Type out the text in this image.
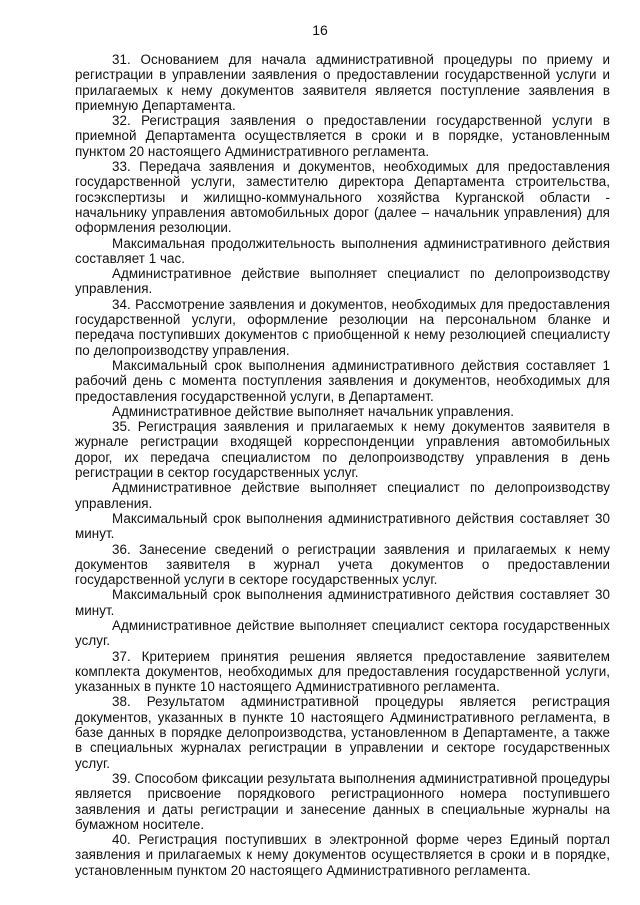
16

31. Основанием для начала административной процедуры по приему и регистрации в управлении заявления о предоставлении государственной услуги и прилагаемых к нему документов заявителя является поступление заявления в приемную Департамента.

32. Регистрация заявления о предоставлении государственной услуги в приемной Департамента осуществляется в сроки и в порядке, установленным пунктом 20 настоящего Административного регламента.

33. Передача заявления и документов, необходимых для предоставления государственной услуги, заместителю директора Департамента строительства, госэкспертизы и жилищно-коммунального хозяйства Курганской области - начальнику управления автомобильных дорог (далее – начальник управления) для оформления резолюции.

Максимальная продолжительность выполнения административного действия составляет 1 час.

Административное действие выполняет специалист по делопроизводству управления.

34. Рассмотрение заявления и документов, необходимых для предоставления государственной услуги, оформление резолюции на персональном бланке и передача поступивших документов с приобщенной к нему резолюцией специалисту по делопроизводству управления.

Максимальный срок выполнения административного действия составляет 1 рабочий день с момента поступления заявления и документов, необходимых для предоставления государственной услуги, в Департамент.

Административное действие выполняет начальник управления.

35. Регистрация заявления и прилагаемых к нему документов заявителя в журнале регистрации входящей корреспонденции управления автомобильных дорог, их передача специалистом по делопроизводству управления в день регистрации в сектор государственных услуг.

Административное действие выполняет специалист по делопроизводству управления.

Максимальный срок выполнения административного действия составляет 30 минут.

36. Занесение сведений о регистрации заявления и прилагаемых к нему документов заявителя в журнал учета документов о предоставлении государственной услуги в секторе государственных услуг.

Максимальный срок выполнения административного действия составляет 30 минут.

Административное действие выполняет специалист сектора государственных услуг.

37. Критерием принятия решения является предоставление заявителем комплекта документов, необходимых для предоставления государственной услуги, указанных в пункте 10 настоящего Административного регламента.

38. Результатом административной процедуры является регистрация документов, указанных в пункте 10 настоящего Административного регламента, в базе данных в порядке делопроизводства, установленном в Департаменте, а также в специальных журналах регистрации в управлении и секторе государственных услуг.

39. Способом фиксации результата выполнения административной процедуры является присвоение порядкового регистрационного номера поступившего заявления и даты регистрации и занесение данных в специальные журналы на бумажном носителе.

40. Регистрация поступивших в электронной форме через Единый портал заявления и прилагаемых к нему документов осуществляется в сроки и в порядке, установленным пунктом 20 настоящего Административного регламента.
